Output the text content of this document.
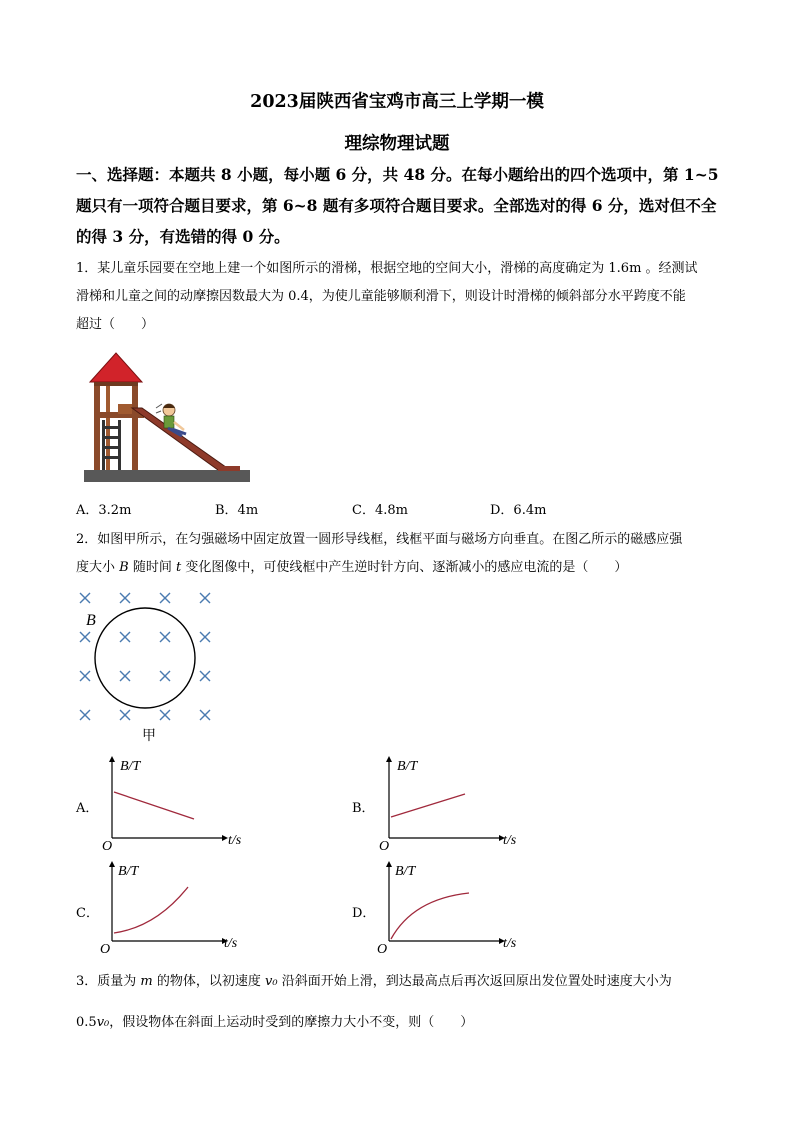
2023届陕西省宝鸡市高三上学期一模
理综物理试题
一、选择题：本题共 8 小题，每小题 6 分，共 48 分。在每小题给出的四个选项中，第 1~5
题只有一项符合题目要求，第 6~8 题有多项符合题目要求。全部选对的得 6 分，选对但不全
的得 3 分，有选错的得 0 分。
1．某儿童乐园要在空地上建一个如图所示的滑梯，根据空地的空间大小，滑梯的高度确定为 1.6m 。经测试
滑梯和儿童之间的动摩擦因数最大为 0.4，为使儿童能够顺利滑下，则设计时滑梯的倾斜部分水平跨度不能
超过（　　）
A．3.2m	B．4m	C．4.8m	D．6.4m
2．如图甲所示，在匀强磁场中固定放置一圆形导线框，线框平面与磁场方向垂直。在图乙所示的磁感应强
度大小 B 随时间 t 变化图像中，可使线框中产生逆时针方向、逐渐减小的感应电流的是（　　）
B
甲
A．
B/T
t/s
O
B．
B/T
t/s
O
C．
B/T
t/s
O
D．
B/T
t/s
O
3．质量为 m 的物体，以初速度 v₀ 沿斜面开始上滑，到达最高点后再次返回原出发位置处时速度大小为
0.5v₀，假设物体在斜面上运动时受到的摩擦力大小不变，则（　　）
